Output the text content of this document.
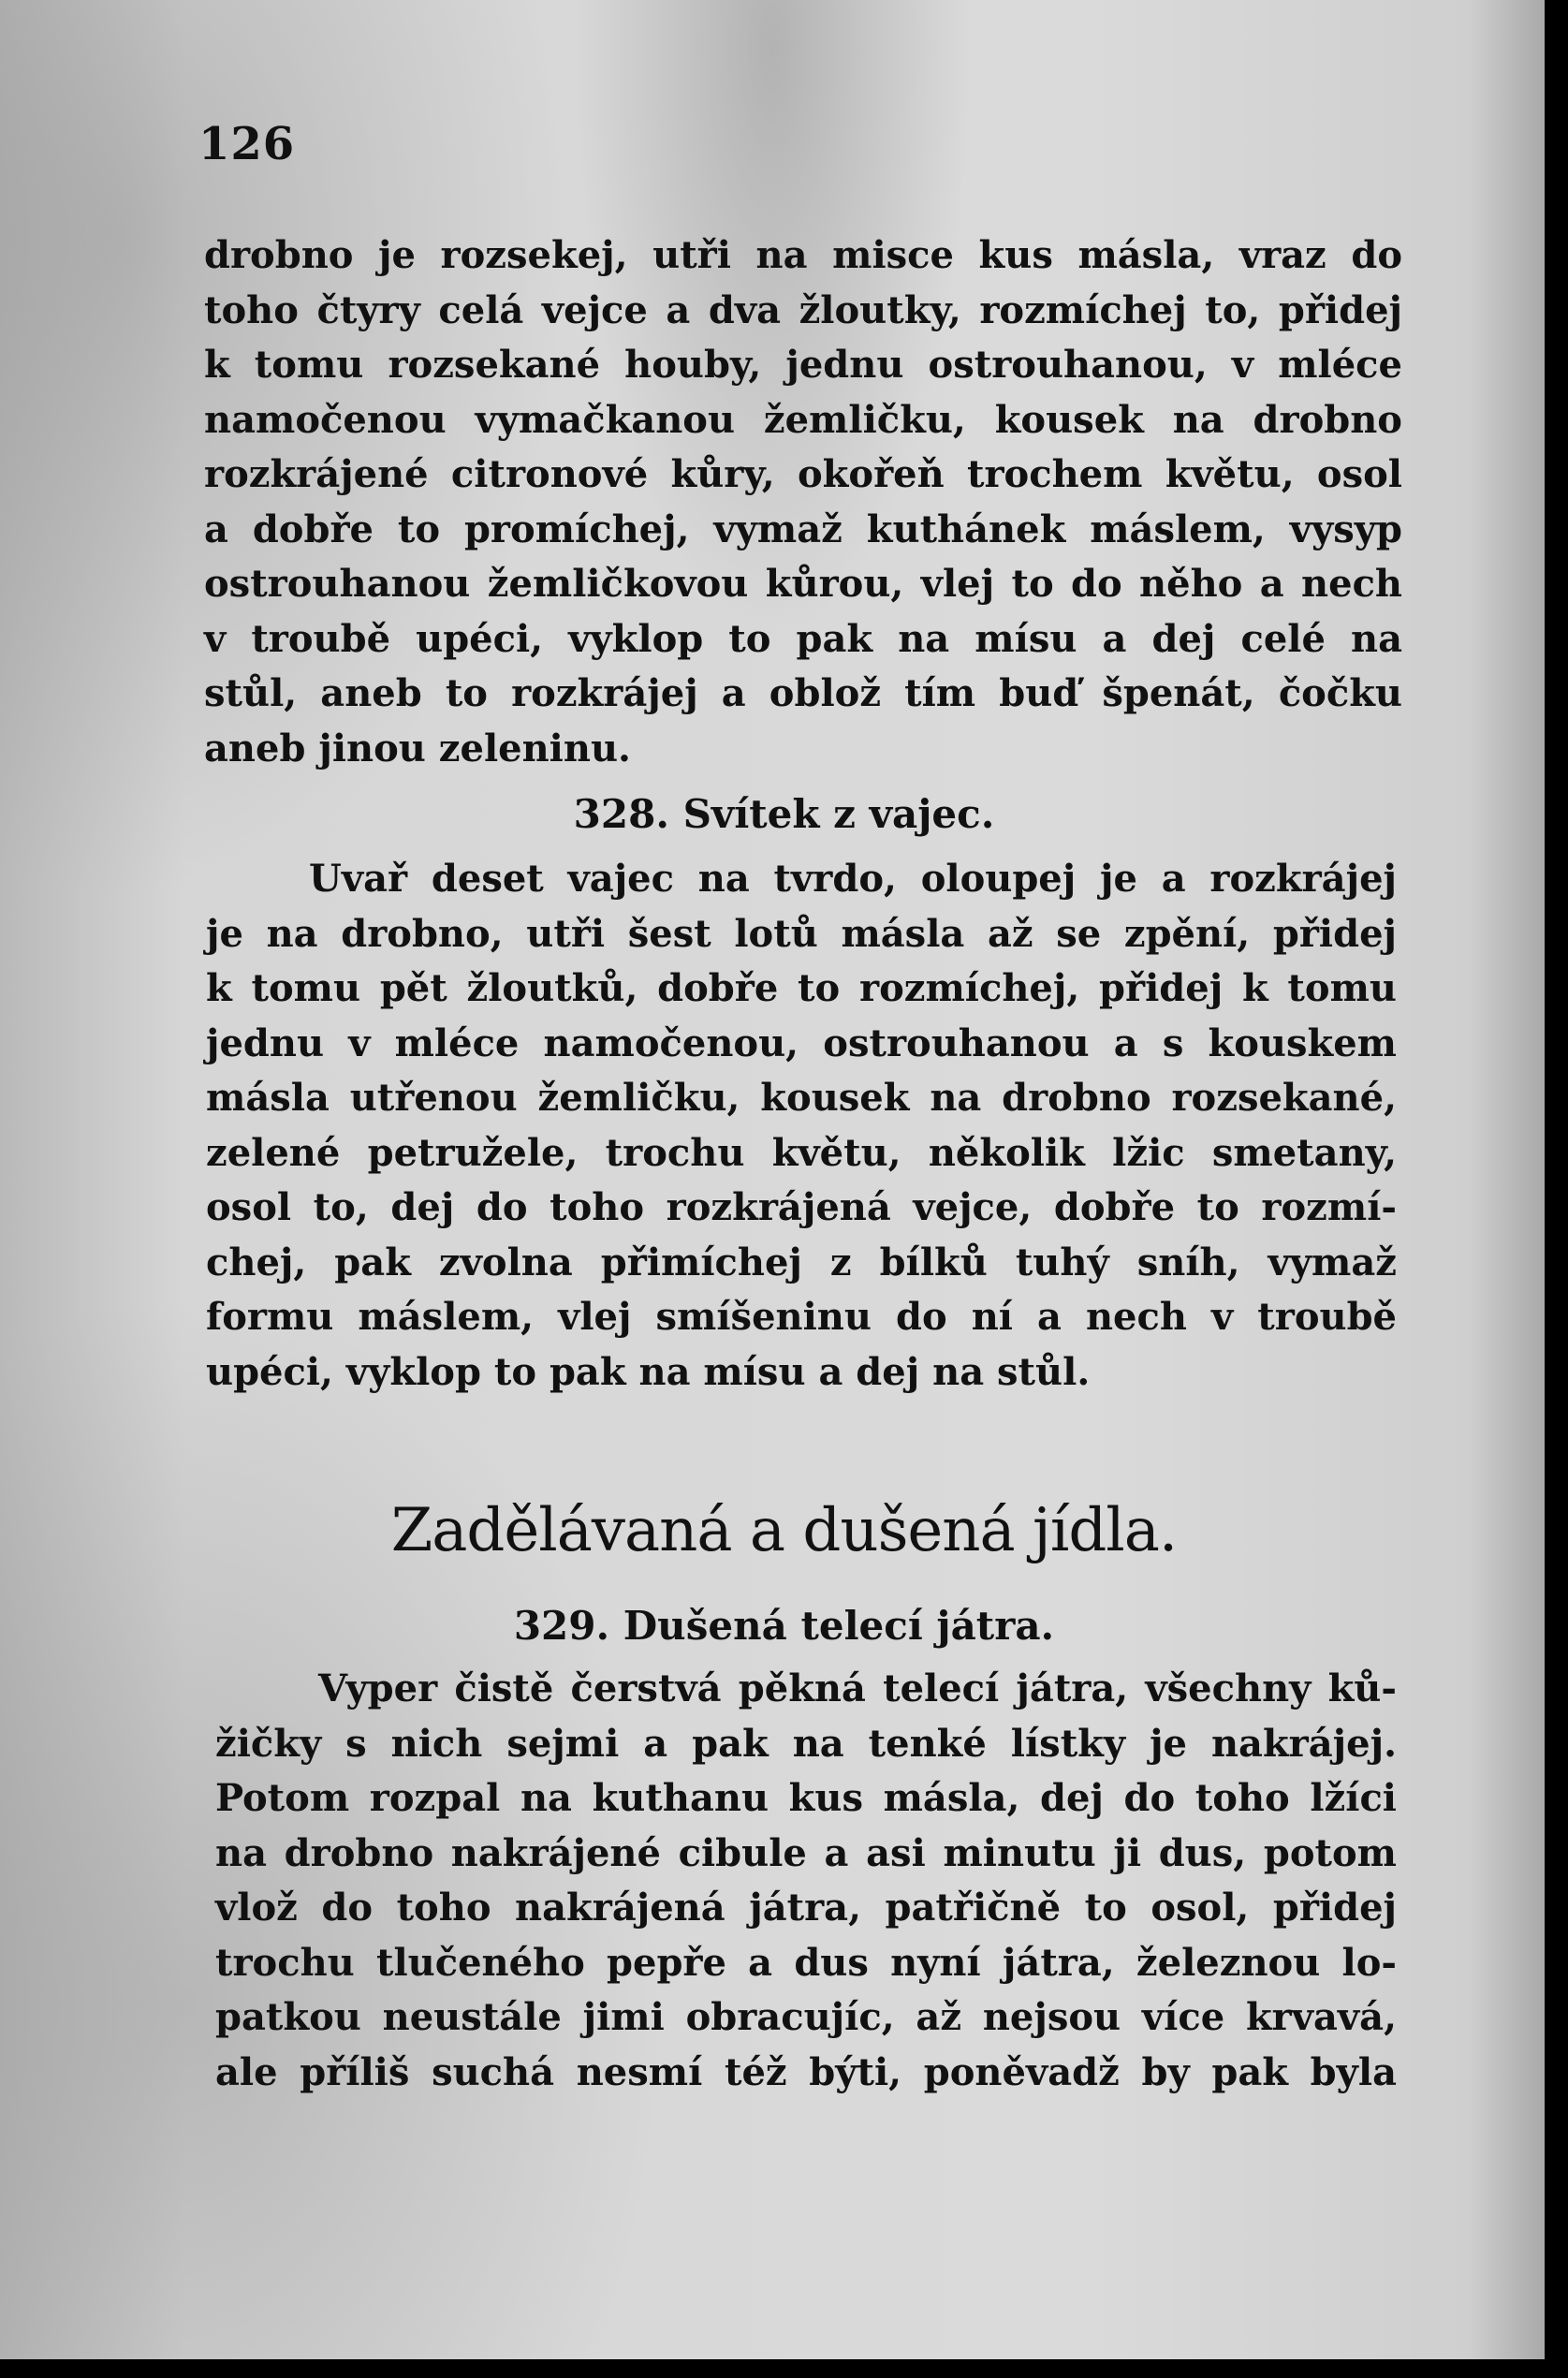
126
drobno je rozsekej, utři na misce kus másla, vraz do
toho čtyry celá vejce a dva žloutky, rozmíchej to, přidej
k tomu rozsekané houby, jednu ostrouhanou, v mléce
namočenou vymačkanou žemličku, kousek na drobno
rozkrájené citronové kůry, okořeň trochem květu, osol
a dobře to promíchej, vymaž kuthánek máslem, vysyp
ostrouhanou žemličkovou kůrou, vlej to do něho a nech
v troubě upéci, vyklop to pak na mísu a dej celé na
stůl, aneb to rozkrájej a oblož tím buď špenát, čočku
aneb jinou zeleninu.
328. Svítek z vajec.
Uvař deset vajec na tvrdo, oloupej je a rozkrájej
je na drobno, utři šest lotů másla až se zpění, přidej
k tomu pět žloutků, dobře to rozmíchej, přidej k tomu
jednu v mléce namočenou, ostrouhanou a s kouskem
másla utřenou žemličku, kousek na drobno rozsekané,
zelené petružele, trochu květu, několik lžic smetany,
osol to, dej do toho rozkrájená vejce, dobře to rozmí-
chej, pak zvolna přimíchej z bílků tuhý sníh, vymaž
formu máslem, vlej smíšeninu do ní a nech v troubě
upéci, vyklop to pak na mísu a dej na stůl.
Zadělávaná a dušená jídla.
329. Dušená telecí játra.
Vyper čistě čerstvá pěkná telecí játra, všechny ků-
žičky s nich sejmi a pak na tenké lístky je nakrájej.
Potom rozpal na kuthanu kus másla, dej do toho lžíci
na drobno nakrájené cibule a asi minutu ji dus, potom
vlož do toho nakrájená játra, patřičně to osol, přidej
trochu tlučeného pepře a dus nyní játra, železnou lo-
patkou neustále jimi obracujíc, až nejsou více krvavá,
ale příliš suchá nesmí též býti, poněvadž by pak byla
